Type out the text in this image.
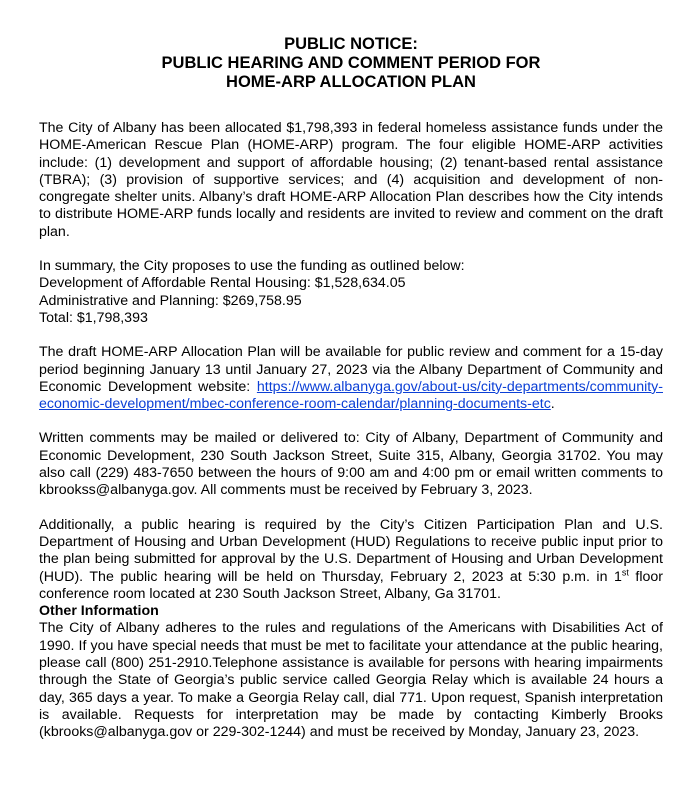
PUBLIC NOTICE:
PUBLIC HEARING AND COMMENT PERIOD FOR
HOME-ARP ALLOCATION PLAN

The City of Albany has been allocated $1,798,393 in federal homeless assistance funds under the HOME-American Rescue Plan (HOME-ARP) program. The four eligible HOME-ARP activities include: (1) development and support of affordable housing; (2) tenant-based rental assistance (TBRA); (3) provision of supportive services; and (4) acquisition and development of non-congregate shelter units. Albany’s draft HOME-ARP Allocation Plan describes how the City intends to distribute HOME-ARP funds locally and residents are invited to review and comment on the draft plan.

In summary, the City proposes to use the funding as outlined below:
Development of Affordable Rental Housing: $1,528,634.05
Administrative and Planning: $269,758.95
Total: $1,798,393

The draft HOME-ARP Allocation Plan will be available for public review and comment for a 15-day period beginning January 13 until January 27, 2023 via the Albany Department of Community and Economic Development website: https://www.albanyga.gov/about-us/city-departments/community-economic-development/mbec-conference-room-calendar/planning-documents-etc.

Written comments may be mailed or delivered to: City of Albany, Department of Community and Economic Development, 230 South Jackson Street, Suite 315, Albany, Georgia 31702. You may also call (229) 483-7650 between the hours of 9:00 am and 4:00 pm or email written comments to kbrookss@albanyga.gov. All comments must be received by February 3, 2023.

Additionally, a public hearing is required by the City’s Citizen Participation Plan and U.S. Department of Housing and Urban Development (HUD) Regulations to receive public input prior to the plan being submitted for approval by the U.S. Department of Housing and Urban Development (HUD). The public hearing will be held on Thursday, February 2, 2023 at 5:30 p.m. in 1st floor conference room located at 230 South Jackson Street, Albany, Ga 31701.

Other Information

The City of Albany adheres to the rules and regulations of the Americans with Disabilities Act of 1990. If you have special needs that must be met to facilitate your attendance at the public hearing, please call (800) 251-2910.Telephone assistance is available for persons with hearing impairments through the State of Georgia’s public service called Georgia Relay which is available 24 hours a day, 365 days a year. To make a Georgia Relay call, dial 771. Upon request, Spanish interpretation is available. Requests for interpretation may be made by contacting Kimberly Brooks (kbrooks@albanyga.gov or 229-302-1244) and must be received by Monday, January 23, 2023.
